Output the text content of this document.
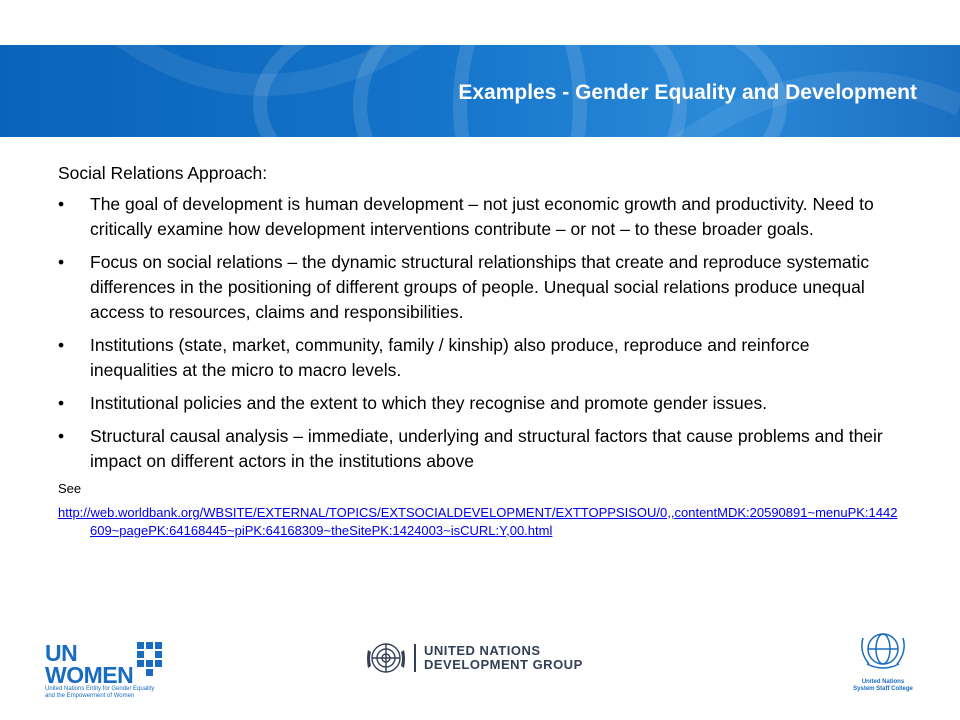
Examples - Gender Equality and Development

Social Relations Approach:

• The goal of development is human development – not just economic growth and productivity. Need to critically examine how development interventions contribute – or not – to these broader goals.
• Focus on social relations – the dynamic structural relationships that create and reproduce systematic differences in the positioning of different groups of people. Unequal social relations produce unequal access to resources, claims and responsibilities.
• Institutions (state, market, community, family / kinship) also produce, reproduce and reinforce inequalities at the micro to macro levels.
• Institutional policies and the extent to which they recognise and promote gender issues.
• Structural causal analysis – immediate, underlying and structural factors that cause problems and their impact on different actors in the institutions above
See
http://web.worldbank.org/WBSITE/EXTERNAL/TOPICS/EXTSOCIALDEVELOPMENT/EXTTOPPSISOU/0,,contentMDK:20590891~menuPK:1442609~pagePK:64168445~piPK:64168309~theSitePK:1424003~isCURL:Y,00.html
UN WOMEN
United Nations Entity for Gender Equality and the Empowerment of Women
UNITED NATIONS
DEVELOPMENT GROUP
United Nations
System Staff College
